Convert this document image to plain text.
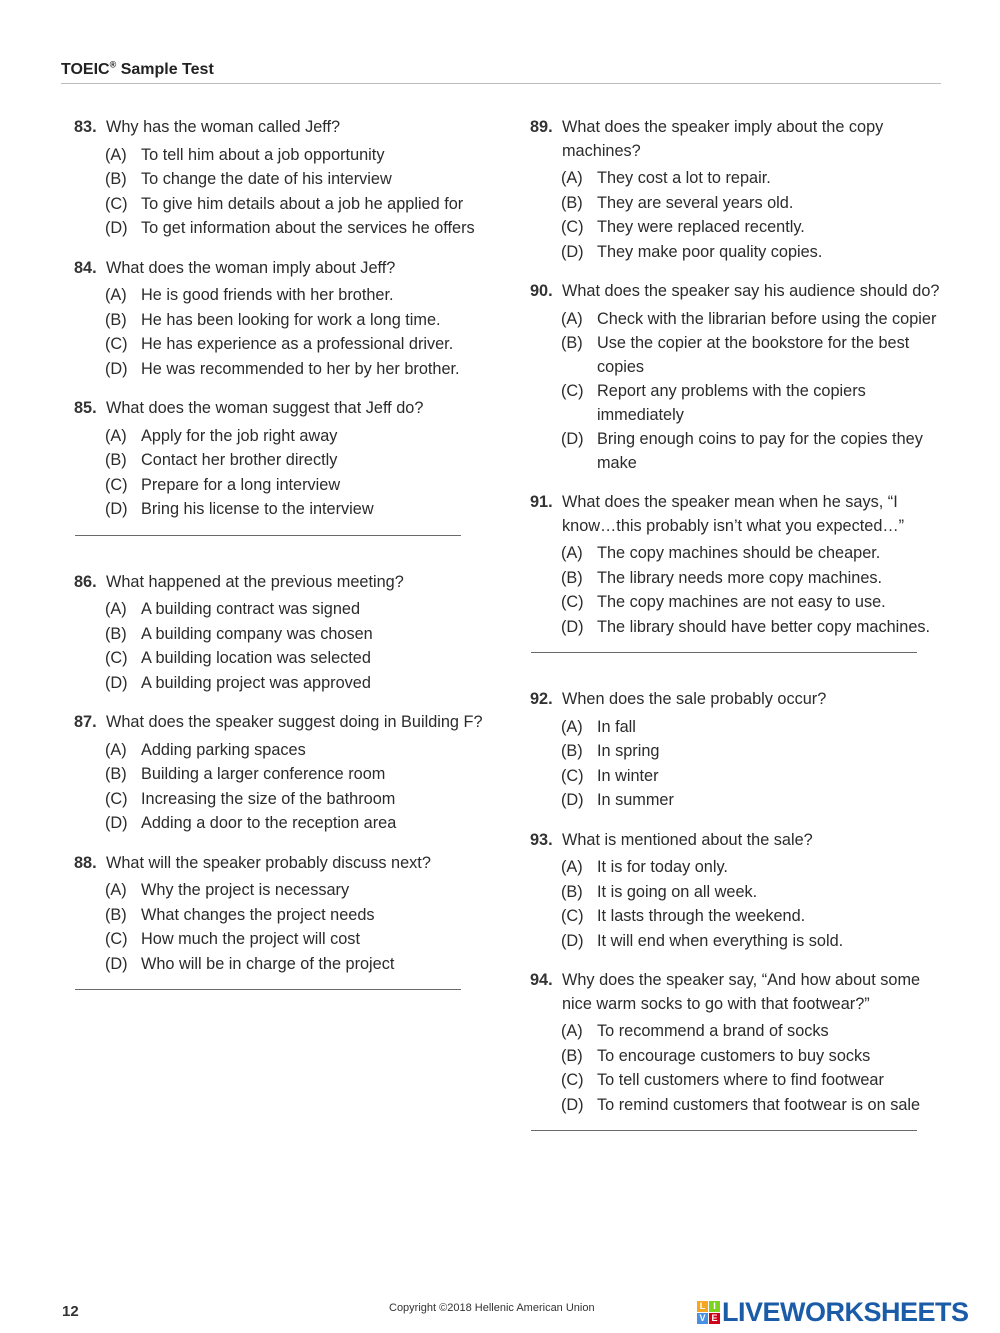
TOEIC® Sample Test
83. Why has the woman called Jeff?
(A) To tell him about a job opportunity
(B) To change the date of his interview
(C) To give him details about a job he applied for
(D) To get information about the services he offers
84. What does the woman imply about Jeff?
(A) He is good friends with her brother.
(B) He has been looking for work a long time.
(C) He has experience as a professional driver.
(D) He was recommended to her by her brother.
85. What does the woman suggest that Jeff do?
(A) Apply for the job right away
(B) Contact her brother directly
(C) Prepare for a long interview
(D) Bring his license to the interview
86. What happened at the previous meeting?
(A) A building contract was signed
(B) A building company was chosen
(C) A building location was selected
(D) A building project was approved
87. What does the speaker suggest doing in Building F?
(A) Adding parking spaces
(B) Building a larger conference room
(C) Increasing the size of the bathroom
(D) Adding a door to the reception area
88. What will the speaker probably discuss next?
(A) Why the project is necessary
(B) What changes the project needs
(C) How much the project will cost
(D) Who will be in charge of the project
89. What does the speaker imply about the copy machines?
(A) They cost a lot to repair.
(B) They are several years old.
(C) They were replaced recently.
(D) They make poor quality copies.
90. What does the speaker say his audience should do?
(A) Check with the librarian before using the copier
(B) Use the copier at the bookstore for the best copies
(C) Report any problems with the copiers immediately
(D) Bring enough coins to pay for the copies they make
91. What does the speaker mean when he says, “I know…this probably isn’t what you expected…”
(A) The copy machines should be cheaper.
(B) The library needs more copy machines.
(C) The copy machines are not easy to use.
(D) The library should have better copy machines.
92. When does the sale probably occur?
(A) In fall
(B) In spring
(C) In winter
(D) In summer
93. What is mentioned about the sale?
(A) It is for today only.
(B) It is going on all week.
(C) It lasts through the weekend.
(D) It will end when everything is sold.
94. Why does the speaker say, “And how about some nice warm socks to go with that footwear?”
(A) To recommend a brand of socks
(B) To encourage customers to buy socks
(C) To tell customers where to find footwear
(D) To remind customers that footwear is on sale
12	Copyright ©2018 Hellenic American Union	L I
V E LIVEWORKSHEETS
